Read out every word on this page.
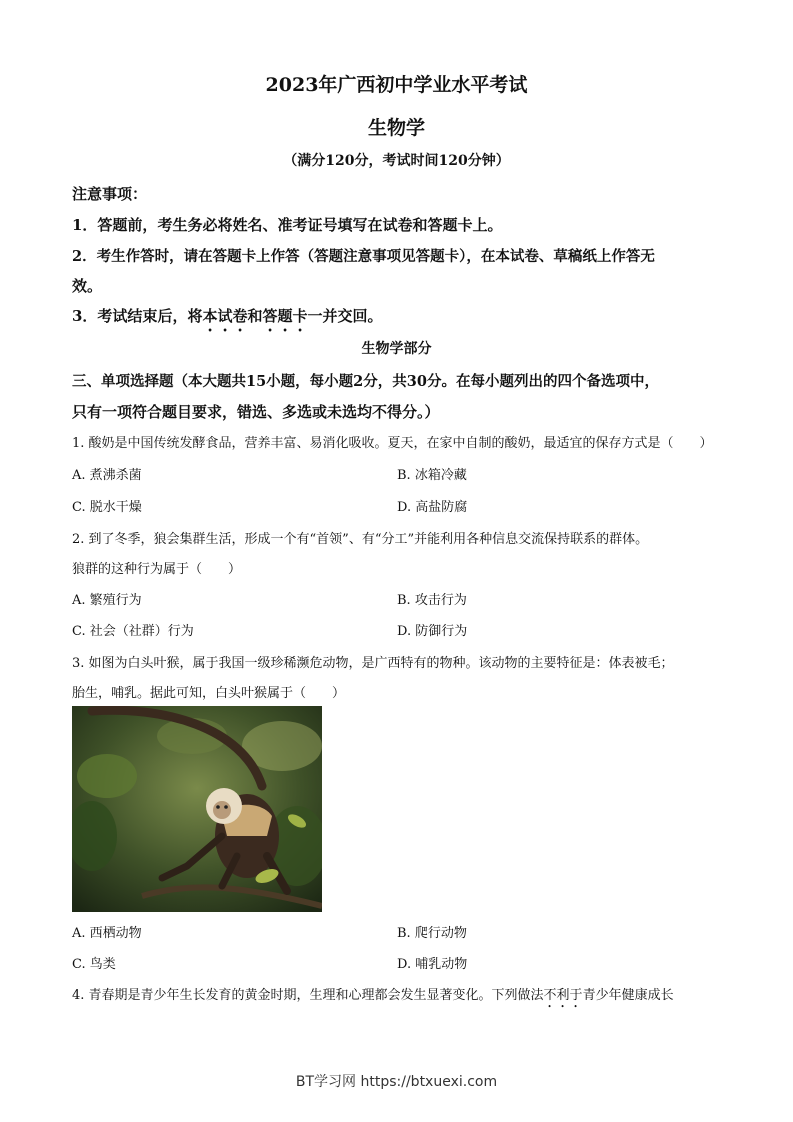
2023年广西初中学业水平考试
生物学
（满分120分，考试时间120分钟）
注意事项：
1．答题前，考生务必将姓名、准考证号填写在试卷和答题卡上。
2．考生作答时，请在答题卡上作答（答题注意事项见答题卡），在本试卷、草稿纸上作答无
效。
3．考试结束后，将本试卷和答题卡一并交回。
生物学部分
三、单项选择题（本大题共15小题，每小题2分，共30分。在每小题列出的四个备选项中，
只有一项符合题目要求，错选、多选或未选均不得分。）
1. 酸奶是中国传统发酵食品，营养丰富、易消化吸收。夏天，在家中自制的酸奶，最适宜的保存方式是（　　）
A. 煮沸杀菌	B. 冰箱冷藏
C. 脱水干燥	D. 高盐防腐
2. 到了冬季，狼会集群生活，形成一个有“首领”、有“分工”并能利用各种信息交流保持联系的群体。
狼群的这种行为属于（　　）
A. 繁殖行为	B. 攻击行为
C. 社会（社群）行为	D. 防御行为
3. 如图为白头叶猴，属于我国一级珍稀濒危动物，是广西特有的物种。该动物的主要特征是：体表被毛；
胎生，哺乳。据此可知，白头叶猴属于（　　）
A. 西栖动物	B. 爬行动物
C. 鸟类	D. 哺乳动物
4. 青春期是青少年生长发育的黄金时期，生理和心理都会发生显著变化。下列做法不利于青少年健康成长
BT学习网 https://btxuexi.com
